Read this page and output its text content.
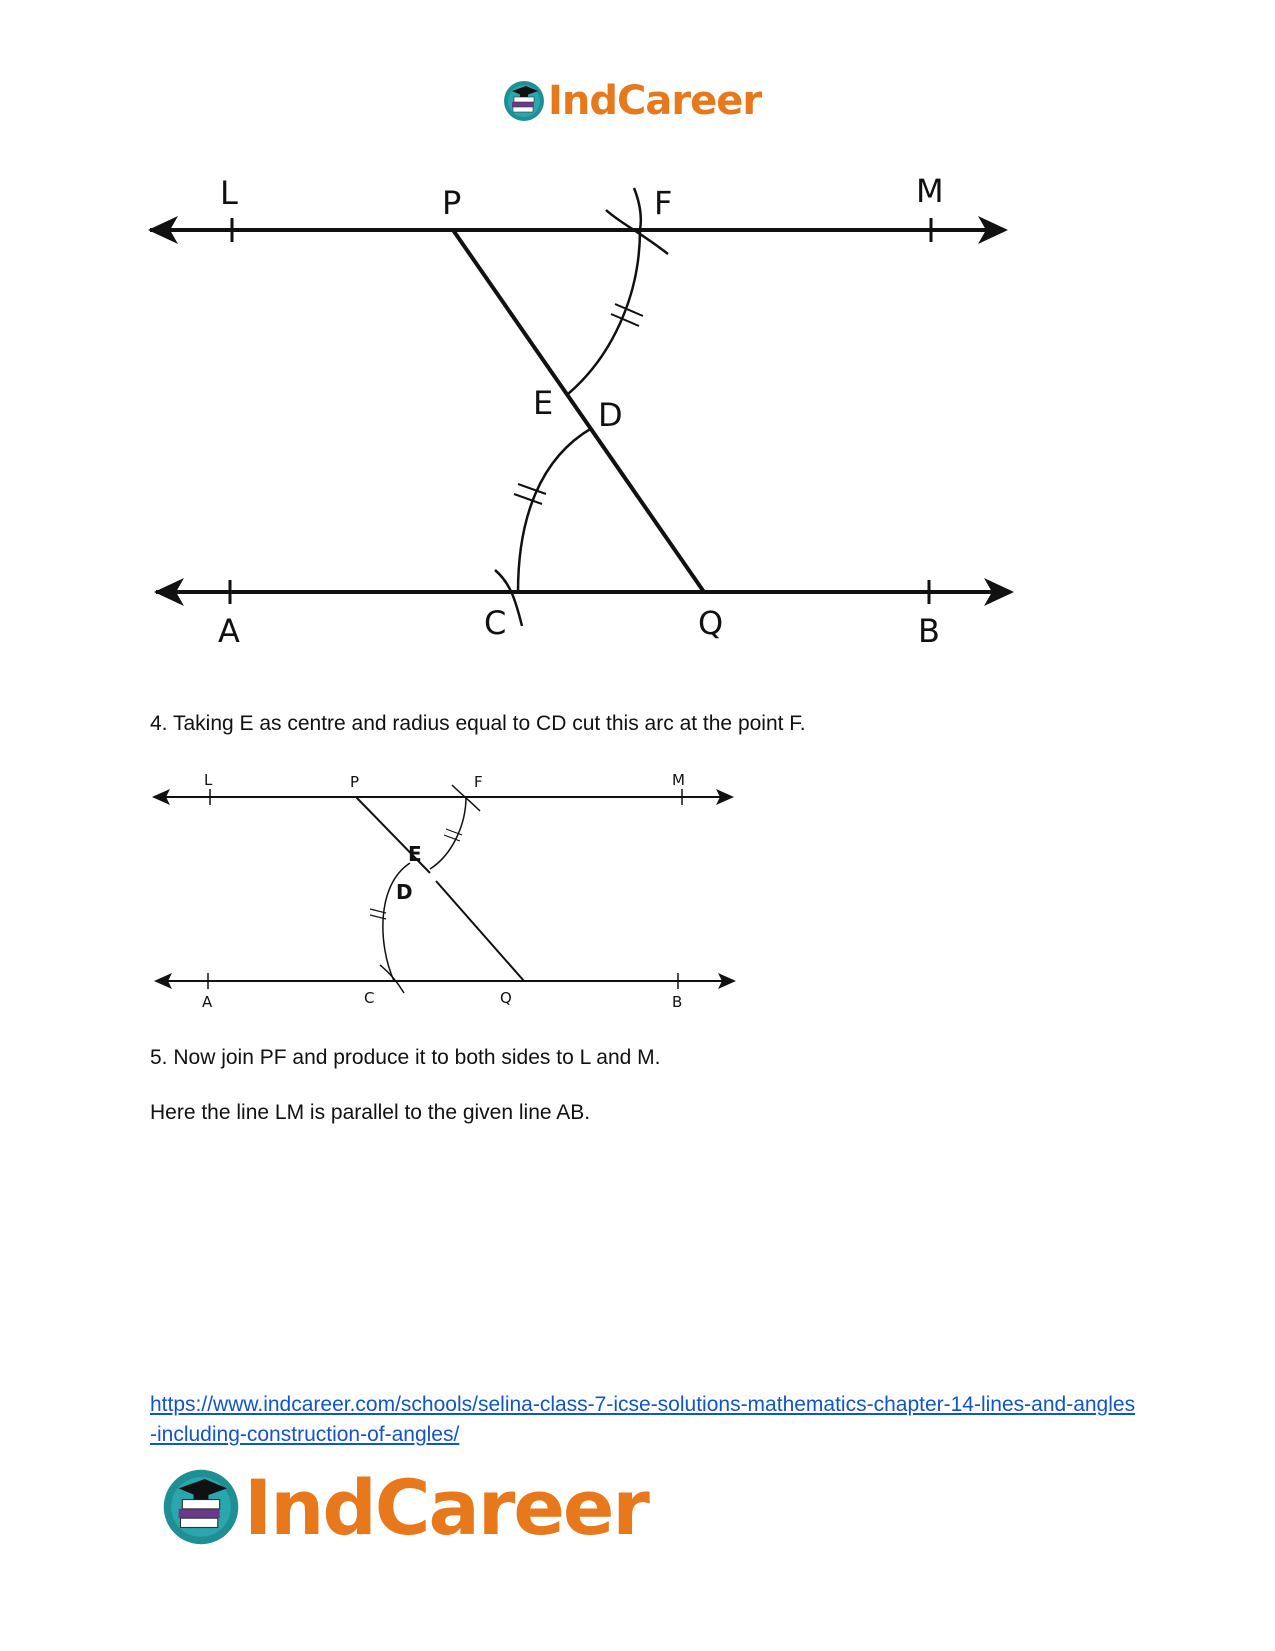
IndCareer
L	P	F	M
E D
A	C	Q	B
4. Taking E as centre and radius equal to CD cut this arc at the point F.
L	P	F	M
E
D
A	C	Q	B
5. Now join PF and produce it to both sides to L and M.
Here the line LM is parallel to the given line AB.
https://www.indcareer.com/schools/selina-class-7-icse-solutions-mathematics-chapter-14-lines-and-angles-including-construction-of-angles/
IndCareer
